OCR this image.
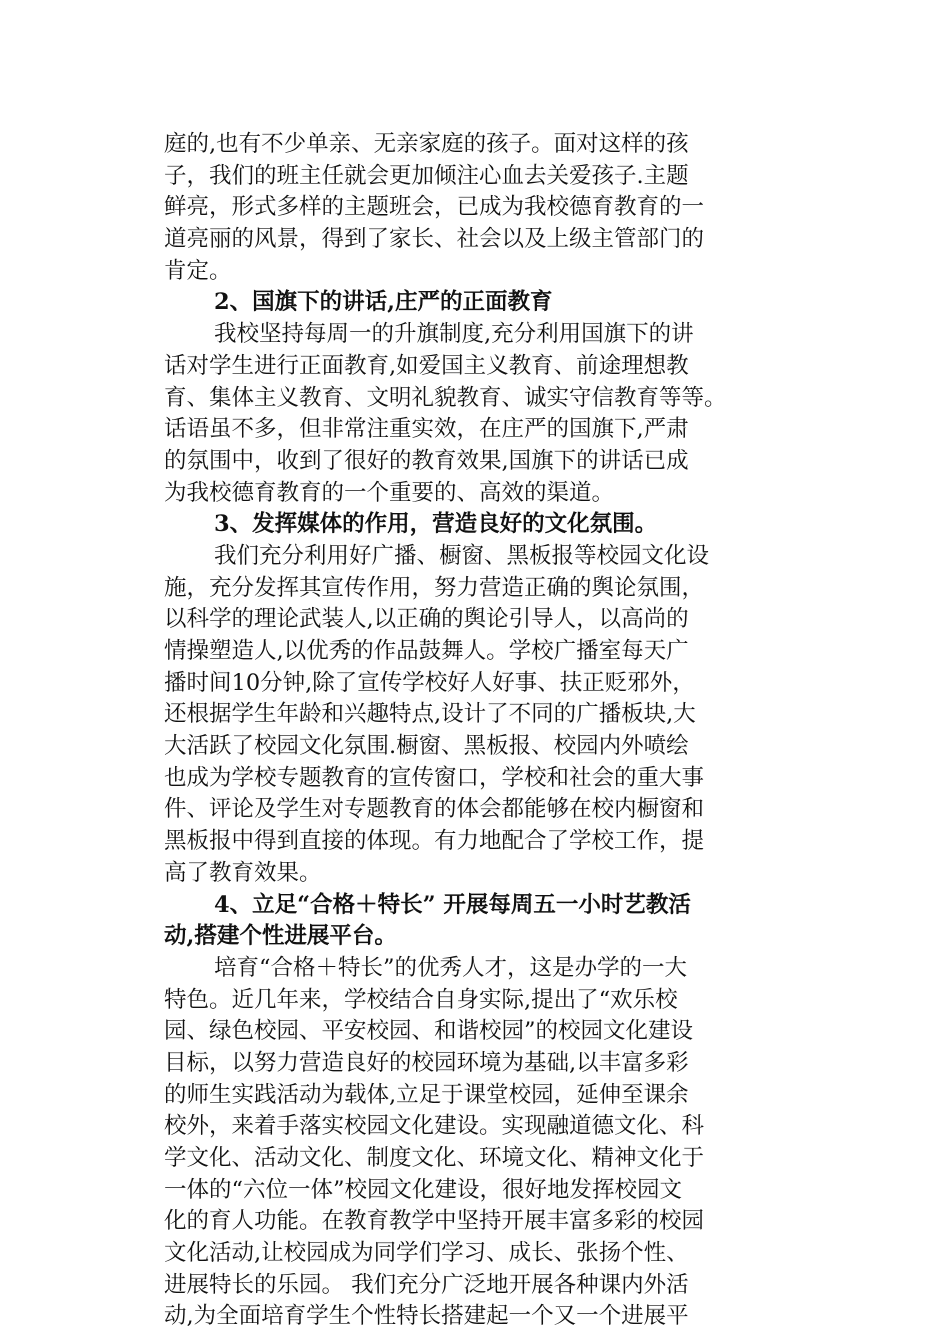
庭的,也有不少单亲、无亲家庭的孩子。面对这样的孩
子，我们的班主任就会更加倾注心血去关爱孩子.主题
鲜亮，形式多样的主题班会，已成为我校德育教育的一
道亮丽的风景，得到了家长、社会以及上级主管部门的
肯定。
2、国旗下的讲话,庄严的正面教育
我校坚持每周一的升旗制度,充分利用国旗下的讲
话对学生进行正面教育,如爱国主义教育、前途理想教
育、集体主义教育、文明礼貌教育、诚实守信教育等等。
话语虽不多，但非常注重实效，在庄严的国旗下,严肃
的氛围中，收到了很好的教育效果,国旗下的讲话已成
为我校德育教育的一个重要的、高效的渠道。
3、发挥媒体的作用，营造良好的文化氛围。
我们充分利用好广播、橱窗、黑板报等校园文化设
施，充分发挥其宣传作用，努力营造正确的舆论氛围，
以科学的理论武装人,以正确的舆论引导人，以高尚的
情操塑造人,以优秀的作品鼓舞人。学校广播室每天广
播时间10分钟,除了宣传学校好人好事、扶正贬邪外，
还根据学生年龄和兴趣特点,设计了不同的广播板块,大
大活跃了校园文化氛围.橱窗、黑板报、校园内外喷绘
也成为学校专题教育的宣传窗口，学校和社会的重大事
件、评论及学生对专题教育的体会都能够在校内橱窗和
黑板报中得到直接的体现。有力地配合了学校工作，提
高了教育效果。
4、立足“合格＋特长” 开展每周五一小时艺教活
动,搭建个性进展平台。
培育“合格＋特长”的优秀人才，这是办学的一大
特色。近几年来，学校结合自身实际,提出了“欢乐校
园、绿色校园、平安校园、和谐校园”的校园文化建设
目标，以努力营造良好的校园环境为基础,以丰富多彩
的师生实践活动为载体,立足于课堂校园，延伸至课余
校外，来着手落实校园文化建设。实现融道德文化、科
学文化、活动文化、制度文化、环境文化、精神文化于
一体的“六位一体”校园文化建设，很好地发挥校园文
化的育人功能。在教育教学中坚持开展丰富多彩的校园
文化活动,让校园成为同学们学习、成长、张扬个性、
进展特长的乐园。 我们充分广泛地开展各种课内外活
动,为全面培育学生个性特长搭建起一个又一个进展平
